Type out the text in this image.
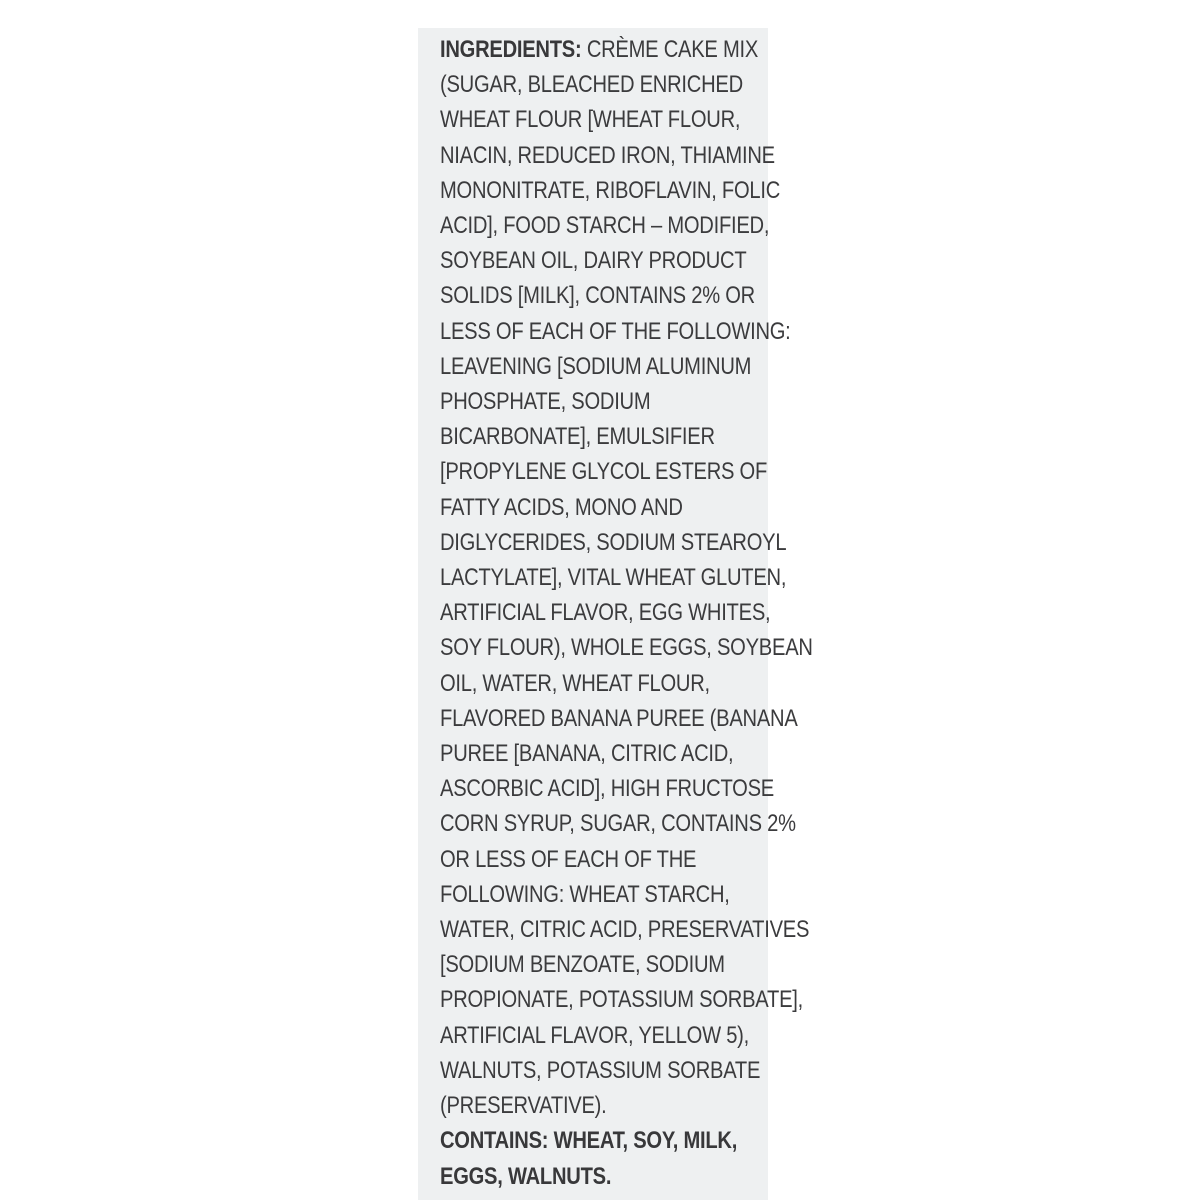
INGREDIENTS: CRÈME CAKE MIX
(SUGAR, BLEACHED ENRICHED
WHEAT FLOUR [WHEAT FLOUR,
NIACIN, REDUCED IRON, THIAMINE
MONONITRATE, RIBOFLAVIN, FOLIC
ACID], FOOD STARCH – MODIFIED,
SOYBEAN OIL, DAIRY PRODUCT
SOLIDS [MILK], CONTAINS 2% OR
LESS OF EACH OF THE FOLLOWING:
LEAVENING [SODIUM ALUMINUM
PHOSPHATE, SODIUM
BICARBONATE], EMULSIFIER
[PROPYLENE GLYCOL ESTERS OF
FATTY ACIDS, MONO AND
DIGLYCERIDES, SODIUM STEAROYL
LACTYLATE], VITAL WHEAT GLUTEN,
ARTIFICIAL FLAVOR, EGG WHITES,
SOY FLOUR), WHOLE EGGS, SOYBEAN
OIL, WATER, WHEAT FLOUR,
FLAVORED BANANA PUREE (BANANA
PUREE [BANANA, CITRIC ACID,
ASCORBIC ACID], HIGH FRUCTOSE
CORN SYRUP, SUGAR, CONTAINS 2%
OR LESS OF EACH OF THE
FOLLOWING: WHEAT STARCH,
WATER, CITRIC ACID, PRESERVATIVES
[SODIUM BENZOATE, SODIUM
PROPIONATE, POTASSIUM SORBATE],
ARTIFICIAL FLAVOR, YELLOW 5),
WALNUTS, POTASSIUM SORBATE
(PRESERVATIVE).
CONTAINS: WHEAT, SOY, MILK,
EGGS, WALNUTS.
